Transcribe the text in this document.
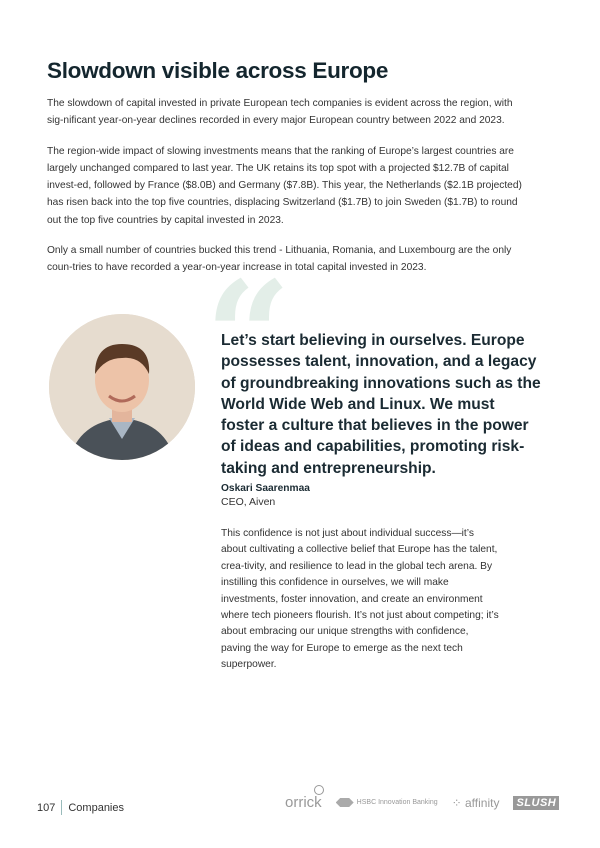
Slowdown visible across Europe

The slowdown of capital invested in private European tech companies is evident across the region, with sig-nificant year-on-year declines recorded in every major European country between 2022 and 2023.

The region-wide impact of slowing investments means that the ranking of Europe’s largest countries are largely unchanged compared to last year. The UK retains its top spot with a projected $12.7B of capital invest-ed, followed by France ($8.0B) and Germany ($7.8B). This year, the Netherlands ($2.1B projected) has risen back into the top five countries, displacing Switzerland ($1.7B) to join Sweden ($1.7B) to round out the top five countries by capital invested in 2023.

Only a small number of countries bucked this trend - Lithuania, Romania, and Luxembourg are the only coun-tries to have recorded a year-on-year increase in total capital invested in 2023.

“
Let’s start believing in ourselves. Europe possesses talent, innovation, and a legacy of groundbreaking innovations such as the World Wide Web and Linux. We must foster a culture that believes in the power of ideas and capabilities, promoting risk-taking and entrepreneurship.
Oskari Saarenmaa
CEO, Aiven
This confidence is not just about individual success—it’s about cultivating a collective belief that Europe has the talent, crea-tivity, and resilience to lead in the global tech arena. By instilling this confidence in ourselves, we will make investments, foster innovation, and create an environment where tech pioneers flourish. It’s not just about competing; it’s about embracing our unique strengths with confidence, paving the way for Europe to emerge as the next tech superpower.
107 Companies	orrick	HSBC Innovation Banking ⁘ affinity SLUSH
